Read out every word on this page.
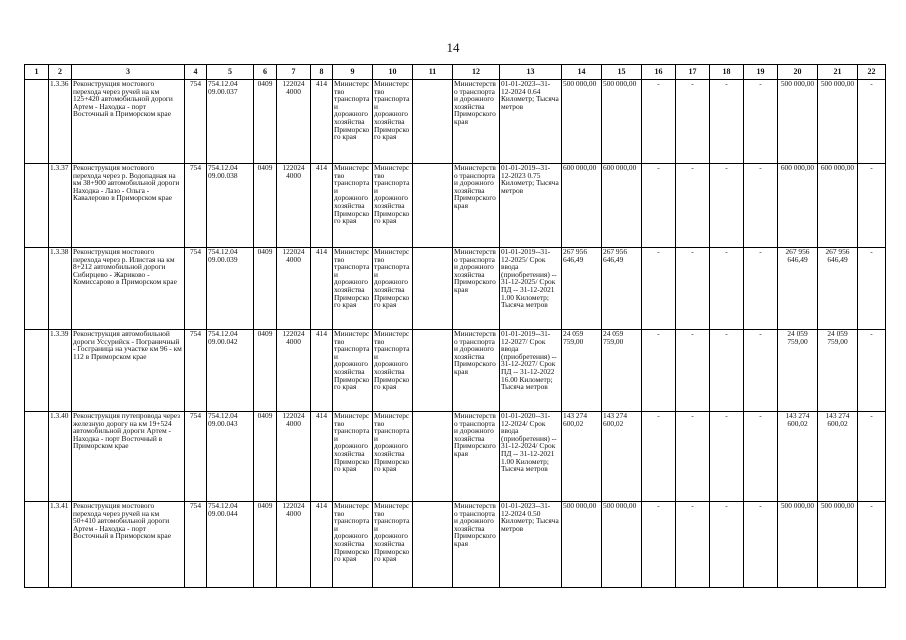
14
1	2	3	4	5	6	7	8	9	10	11	12	13	14	15	16	17	18	19	20	21	22
	1.3.36	Реконструкция мостового перехода через ручей на км 125+420 автомобильной дороги Артем - Находка - порт Восточный в Приморском крае	754	754.12.04 09.00.037	0409	122024 4000	414	Министерство транспорта и дорожного хозяйства Приморского края	Министерство транспорта и дорожного хозяйства Приморского края		Министерство транспорта и дорожного хозяйства Приморского края	01-01-2023--31-12-2024 0.64 Километр; Тысяча метров	500 000,00	500 000,00	-	-	-	-	500 000,00	500 000,00	-
	1.3.37	Реконструкция мостового перехода через р. Водопадная на км 38+900 автомобильной дороги Находка - Лазо - Ольга - Кавалерово в Приморском крае	754	754.12.04 09.00.038	0409	122024 4000	414	Министерство транспорта и дорожного хозяйства Приморского края	Министерство транспорта и дорожного хозяйства Приморского края		Министерство транспорта и дорожного хозяйства Приморского края	01-01-2019--31-12-2023 0.75 Километр; Тысяча метров	600 000,00	600 000,00	-	-	-	-	600 000,00	600 000,00	-
	1.3.38	Реконструкция мостового перехода через р. Илистая на км 8+212 автомобильной дороги Сибирцево - Жариково - Комиссарово в Приморском крае	754	754.12.04 09.00.039	0409	122024 4000	414	Министерство транспорта и дорожного хозяйства Приморского края	Министерство транспорта и дорожного хозяйства Приморского края		Министерство транспорта и дорожного хозяйства Приморского края	01-01-2019--31-12-2025/ Срок ввода (приобретения) -- 31-12-2025/ Срок ПД -- 31-12-2021 1.00 Километр; Тысяча метров	267 956 646,49	267 956 646,49	-	-	-	-	267 956 646,49	267 956 646,49	-
	1.3.39	Реконструкция автомобильной дороги Уссурийск - Пограничный - Госграница на участке км 96 - км 112 в Приморском крае	754	754.12.04 09.00.042	0409	122024 4000	414	Министерство транспорта и дорожного хозяйства Приморского края	Министерство транспорта и дорожного хозяйства Приморского края		Министерство транспорта и дорожного хозяйства Приморского края	01-01-2019--31-12-2027/ Срок ввода (приобретения) -- 31-12-2027/ Срок ПД -- 31-12-2022 16.00 Километр; Тысяча метров	24 059 759,00	24 059 759,00	-	-	-	-	24 059 759,00	24 059 759,00	-
	1.3.40	Реконструкция путепровода через железную дорогу на км 19+524 автомобильной дороги Артем - Находка - порт Восточный в Приморском крае	754	754.12.04 09.00.043	0409	122024 4000	414	Министерство транспорта и дорожного хозяйства Приморского края	Министерство транспорта и дорожного хозяйства Приморского края		Министерство транспорта и дорожного хозяйства Приморского края	01-01-2020--31-12-2024/ Срок ввода (приобретения) -- 31-12-2024/ Срок ПД -- 31-12-2021 1.00 Километр; Тысяча метров	143 274 600,02	143 274 600,02	-	-	-	-	143 274 600,02	143 274 600,02	-
	1.3.41	Реконструкция мостового перехода через ручей на км 50+410 автомобильной дороги Артем - Находка - порт Восточный в Приморском крае	754	754.12.04 09.00.044	0409	122024 4000	414	Министерство транспорта и дорожного хозяйства Приморского края	Министерство транспорта и дорожного хозяйства Приморского края		Министерство транспорта и дорожного хозяйства Приморского края	01-01-2023--31-12-2024 0.50 Километр; Тысяча метров	500 000,00	500 000,00	-	-	-	-	500 000,00	500 000,00	-
